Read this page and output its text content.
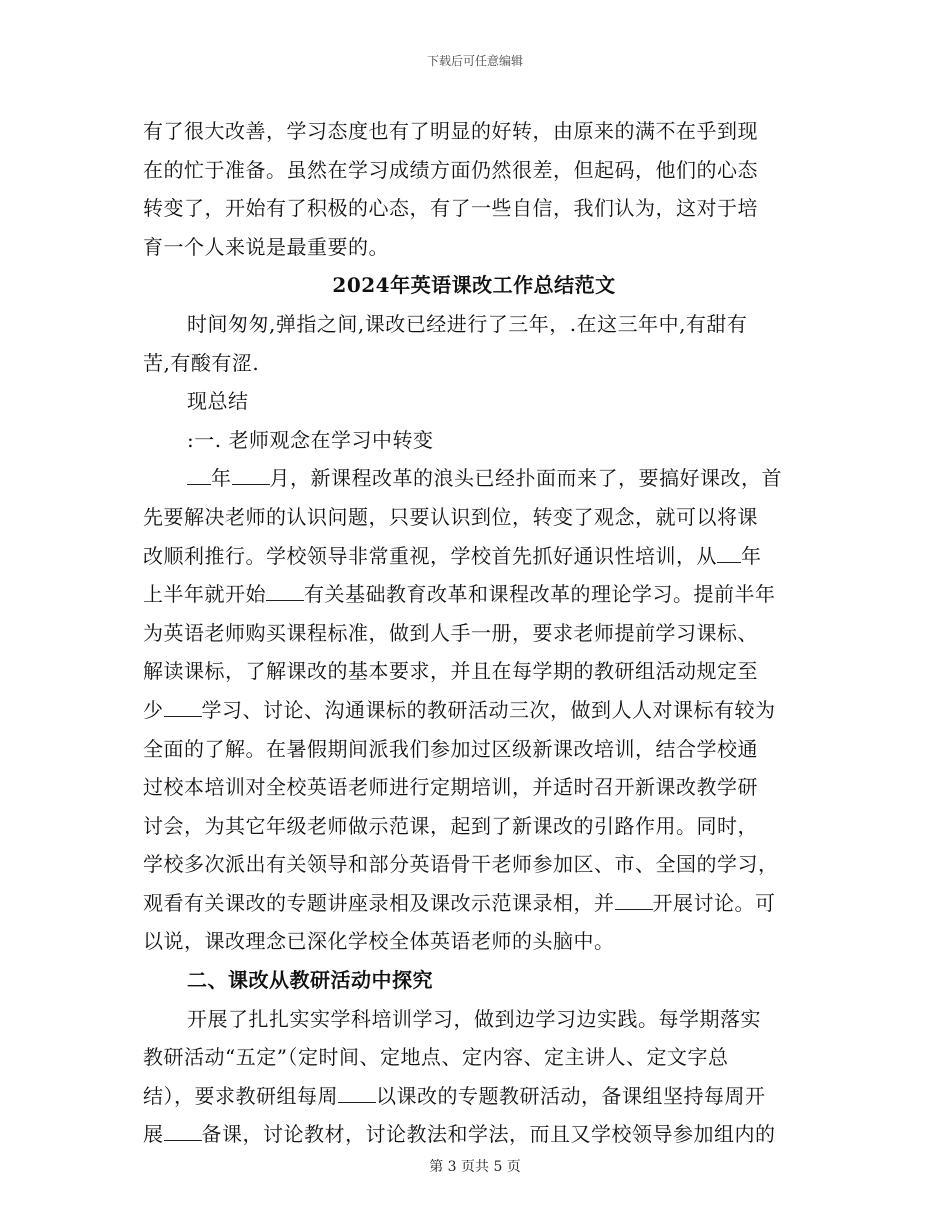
下载后可任意编辑
有了很大改善，学习态度也有了明显的好转，由原来的满不在乎到现
在的忙于准备。虽然在学习成绩方面仍然很差，但起码，他们的心态
转变了，开始有了积极的心态，有了一些自信，我们认为，这对于培
育一个人来说是最重要的。
2024年英语课改工作总结范文
时间匆匆,弹指之间,课改已经进行了三年，.在这三年中,有甜有
苦,有酸有涩.
现总结
:一. 老师观念在学习中转变
年 月，新课程改革的浪头已经扑面而来了，要搞好课改，首
先要解决老师的认识问题，只要认识到位，转变了观念，就可以将课
改顺利推行。学校领导非常重视，学校首先抓好通识性培训，从 年
上半年就开始 有关基础教育改革和课程改革的理论学习。提前半年
为英语老师购买课程标准，做到人手一册，要求老师提前学习课标、
解读课标，了解课改的基本要求，并且在每学期的教研组活动规定至
少 学习、讨论、沟通课标的教研活动三次，做到人人对课标有较为
全面的了解。在暑假期间派我们参加过区级新课改培训，结合学校通
过校本培训对全校英语老师进行定期培训，并适时召开新课改教学研
讨会，为其它年级老师做示范课，起到了新课改的引路作用。同时，
学校多次派出有关领导和部分英语骨干老师参加区、市、全国的学习，
观看有关课改的专题讲座录相及课改示范课录相，并 开展讨论。可
以说，课改理念已深化学校全体英语老师的头脑中。
二、课改从教研活动中探究
开展了扎扎实实学科培训学习，做到边学习边实践。每学期落实
教研活动“五定”（定时间、定地点、定内容、定主讲人、定文字总
结），要求教研组每周 以课改的专题教研活动，备课组坚持每周开
展 备课，讨论教材，讨论教法和学法，而且又学校领导参加组内的
第 3 页共 5 页
